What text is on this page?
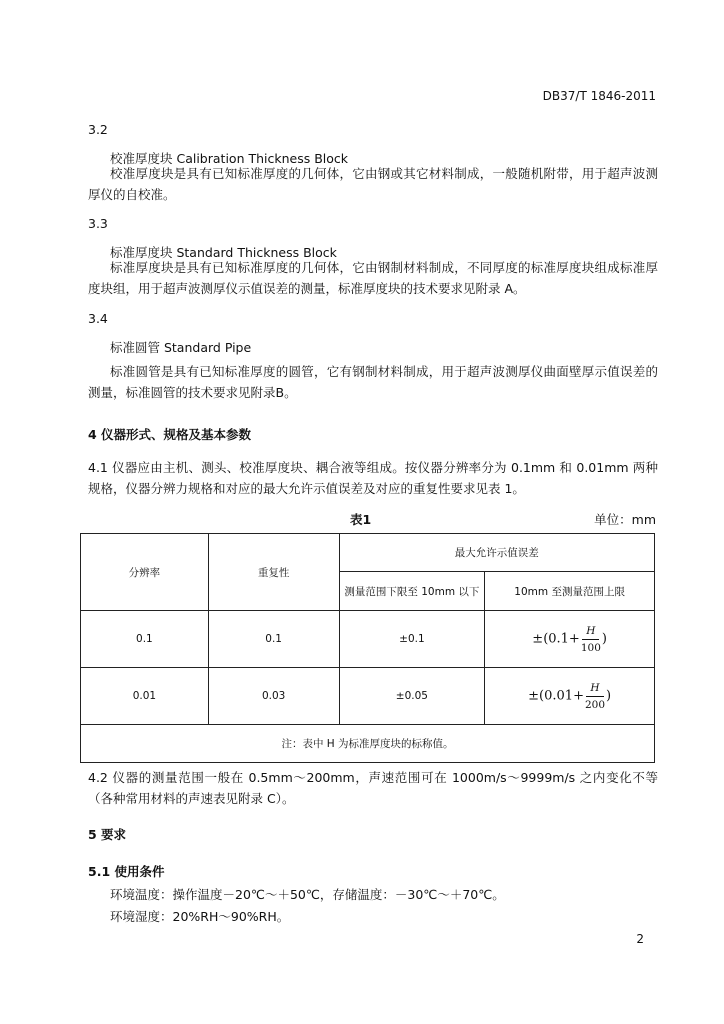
DB37/T 1846-2011
3.2
校准厚度块 Calibration Thickness Block
校准厚度块是具有已知标准厚度的几何体，它由钢或其它材料制成，一般随机附带，用于超声波测厚仪的自校准。
3.3
标准厚度块 Standard Thickness Block
标准厚度块是具有已知标准厚度的几何体，它由钢制材料制成，不同厚度的标准厚度块组成标准厚度块组，用于超声波测厚仪示值误差的测量，标准厚度块的技术要求见附录 A。
3.4
标准圆管 Standard Pipe
标准圆管是具有已知标准厚度的圆管，它有钢制材料制成，用于超声波测厚仪曲面壁厚示值误差的测量，标准圆管的技术要求见附录B。
4 仪器形式、规格及基本参数
4.1 仪器应由主机、测头、校准厚度块、耦合液等组成。按仪器分辨率分为 0.1mm 和 0.01mm 两种规格，仪器分辨力规格和对应的最大允许示值误差及对应的重复性要求见表 1。
表1	单位：mm
分辨率	重复性	最大允许示值误差	
		测量范围下限至 10mm 以下	10mm 至测量范围上限
0.1	0.1	±0.1	$\pm(0.1+ \frac{H}{100}$ )
0.01	0.03	±0.05	$\pm(0.01+ \frac{H}{200}$ )
注：表中 H 为标准厚度块的标称值。			
4.2 仪器的测量范围一般在 0.5mm～200mm，声速范围可在 1000m/s～9999m/s 之内变化不等（各种常用材料的声速表见附录 C）。
5 要求
5.1 使用条件
环境温度：操作温度－20℃～＋50℃，存储温度：－30℃～＋70℃。
环境湿度：20%RH～90%RH。
2
